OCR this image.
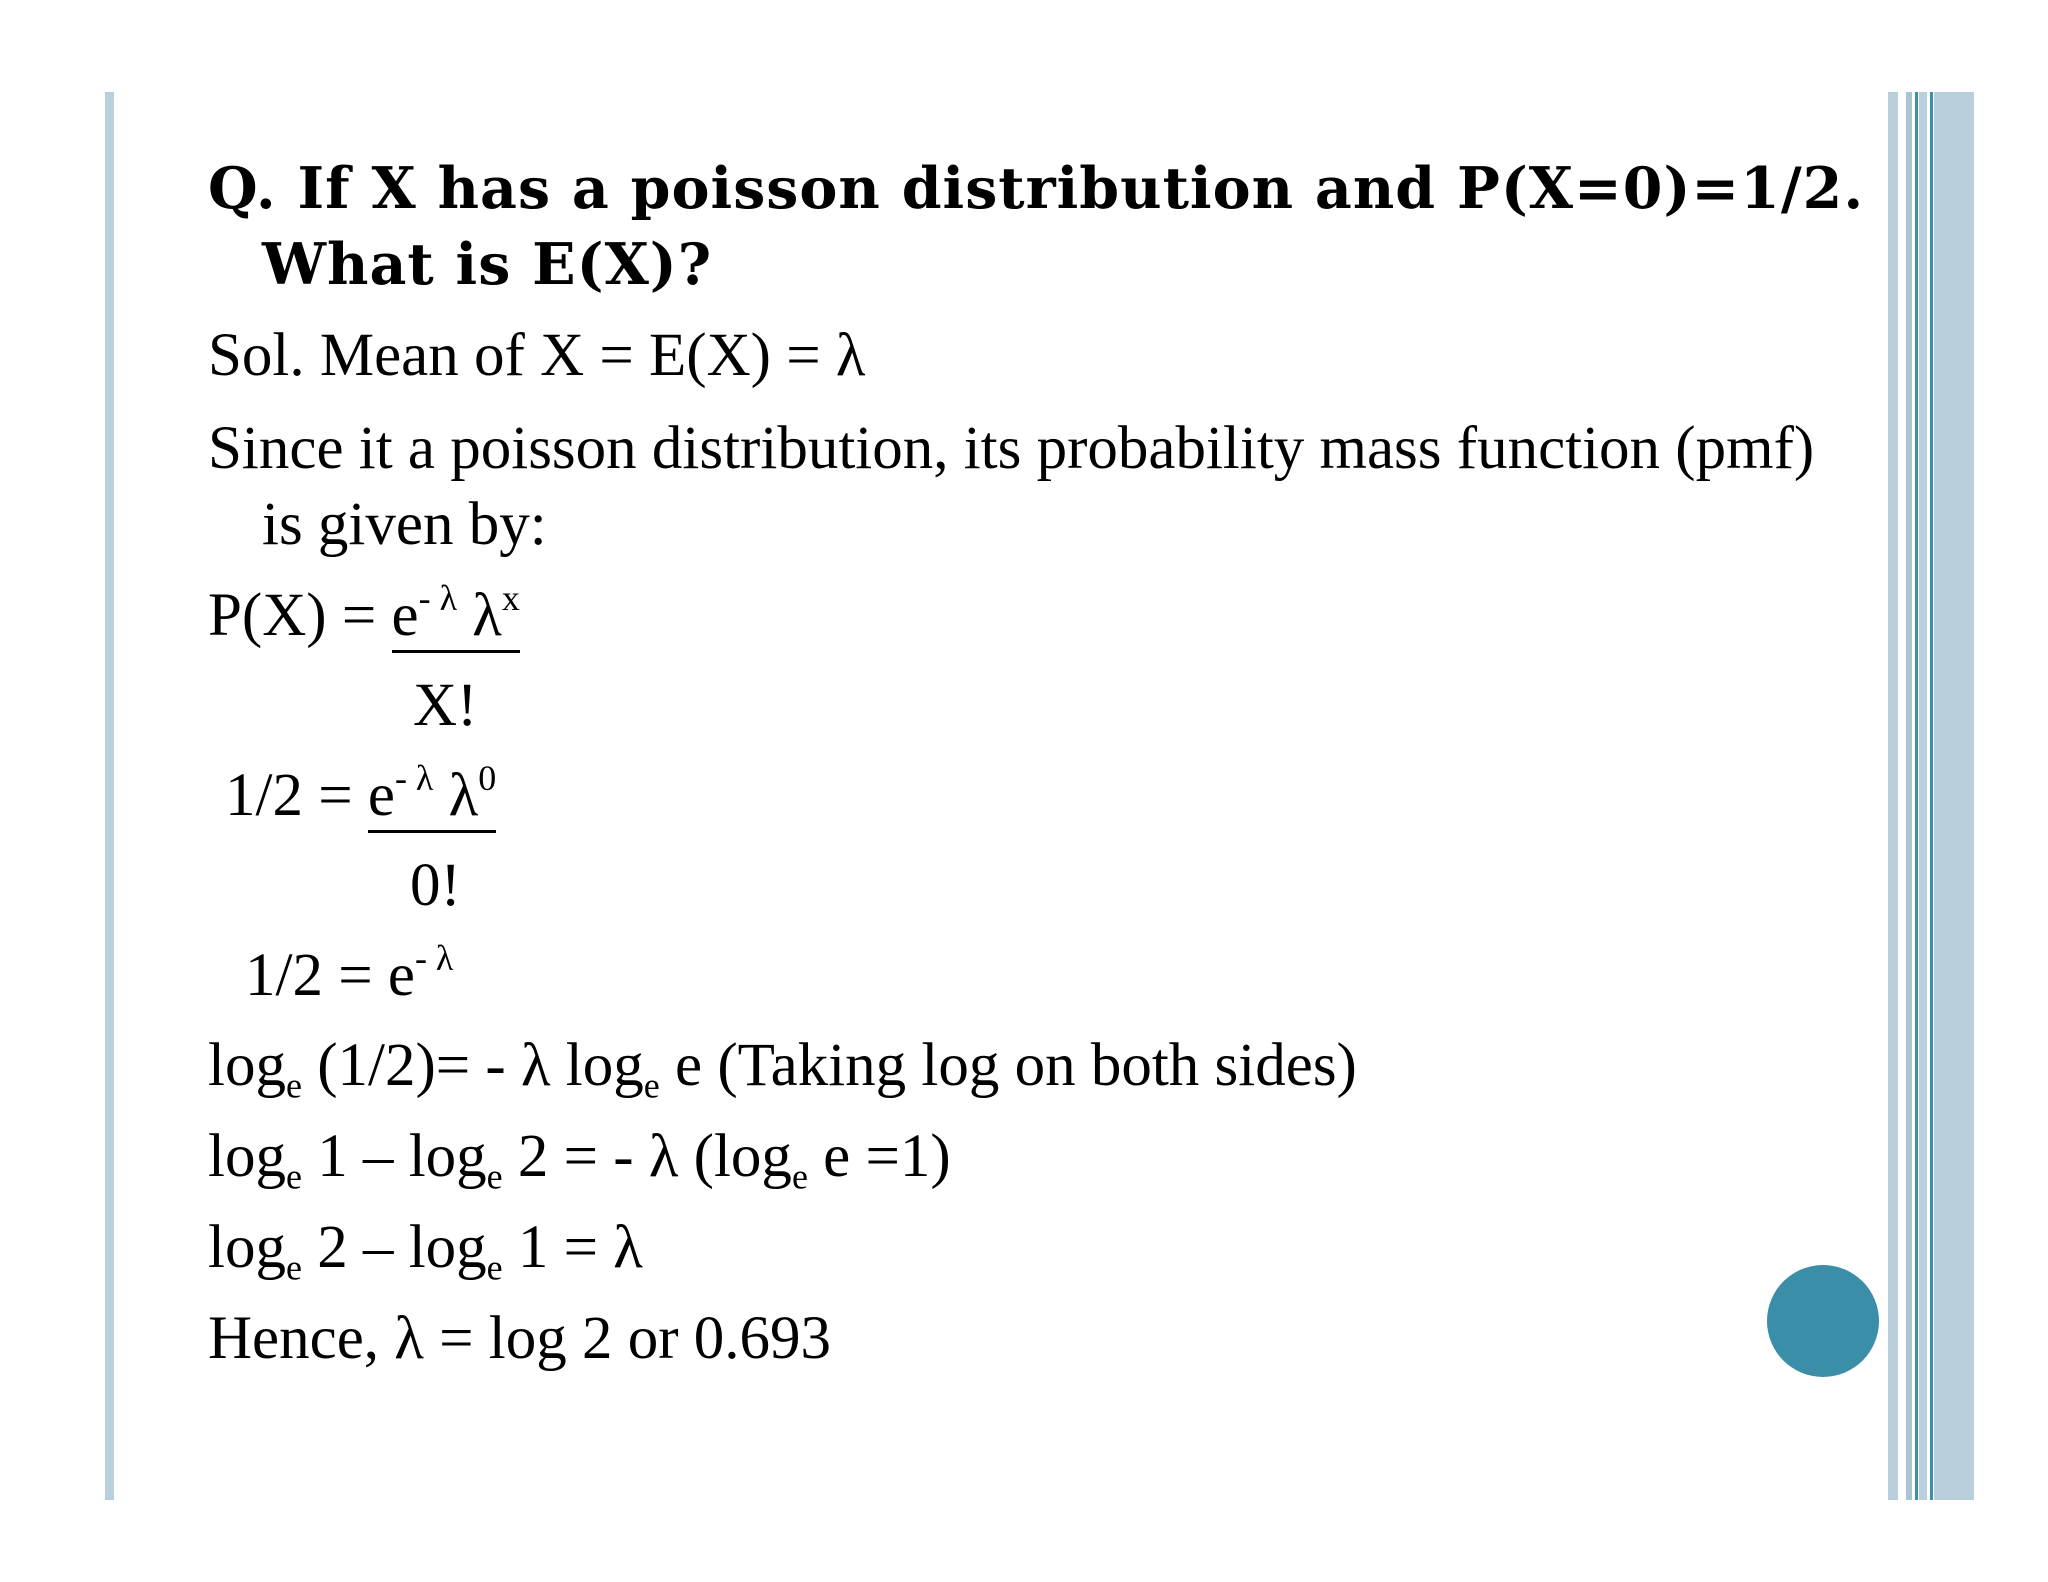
Q. If X has a poisson distribution and P(X=0)=1/2.
What is E(X)?
Sol. Mean of X = E(X) = λ
Since it a poisson distribution, its probability mass function (pmf)
is given by:
$P(X) = e^{- \lambda}$ $\lambda^x$
X!
$1/2 = e^{- \lambda}$ $\lambda^0$
0!
$1/2 = e^{- \lambda}$
$\log_e (1/2)= - \lambda$ $\log_e e$ (Taking log on both sides)
$\log_e 1 - \log_e 2$ = - λ ($\log_e$ e =1)
$\log_e 2 - \log_e 1 = \lambda$
Hence, λ = log 2 or 0.693
